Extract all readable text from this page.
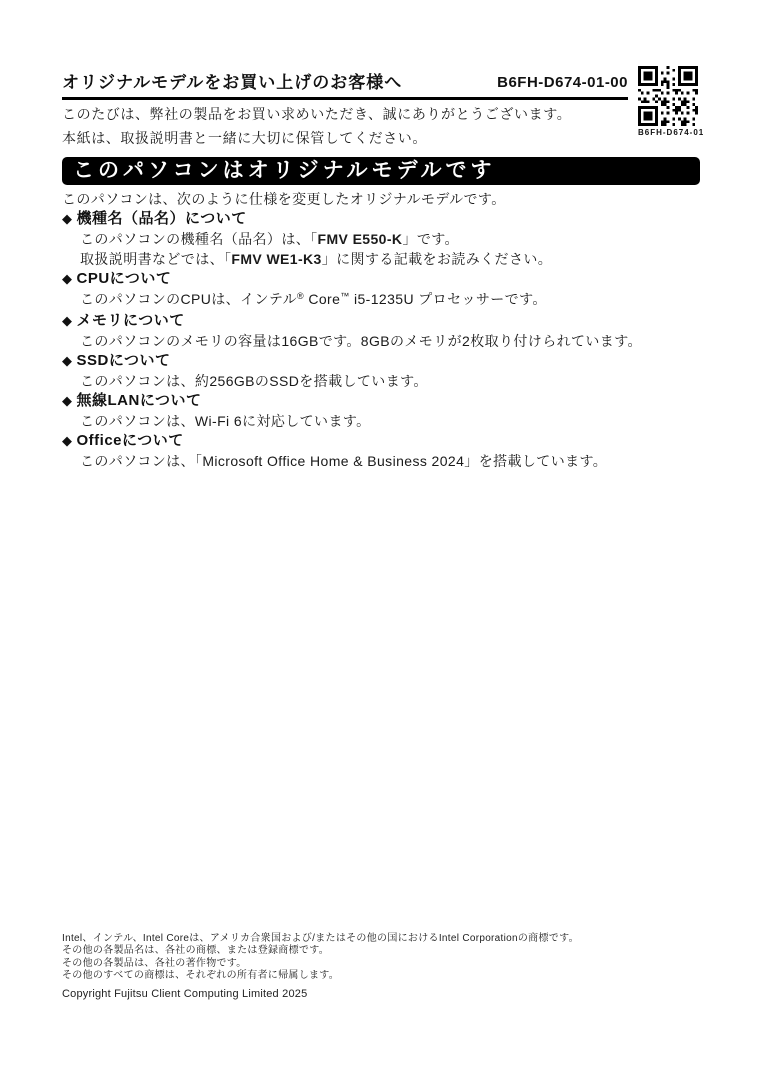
オリジナルモデルをお買い上げのお客様へ	B6FH-D674-01-00

このたびは、弊社の製品をお買い求めいただき、誠にありがとうございます。

本紙は、取扱説明書と一緒に大切に保管してください。	B6FH-D674-01
このパソコンはオリジナルモデルです

このパソコンは、次のように仕様を変更したオリジナルモデルです。

◆ 機種名（品名）について

このパソコンの機種名（品名）は、「FMV E550-K」です。

取扱説明書などでは、「FMV WE1-K3」に関する記載をお読みください。

◆ CPUについて

このパソコンのCPUは、インテル® Core™ i5-1235U プロセッサーです。

◆ メモリについて

このパソコンのメモリの容量は16GBです。8GBのメモリが2枚取り付けられています。

◆ SSDについて

このパソコンは、約256GBのSSDを搭載しています。

◆ 無線LANについて

このパソコンは、Wi-Fi 6に対応しています。

◆ Officeについて

このパソコンは、「Microsoft Office Home & Business 2024」を搭載しています。

Intel、インテル、Intel Coreは、アメリカ合衆国および/またはその他の国におけるIntel Corporationの商標です。

その他の各製品名は、各社の商標、または登録商標です。

その他の各製品は、各社の著作物です。

その他のすべての商標は、それぞれの所有者に帰属します。

Copyright Fujitsu Client Computing Limited 2025
